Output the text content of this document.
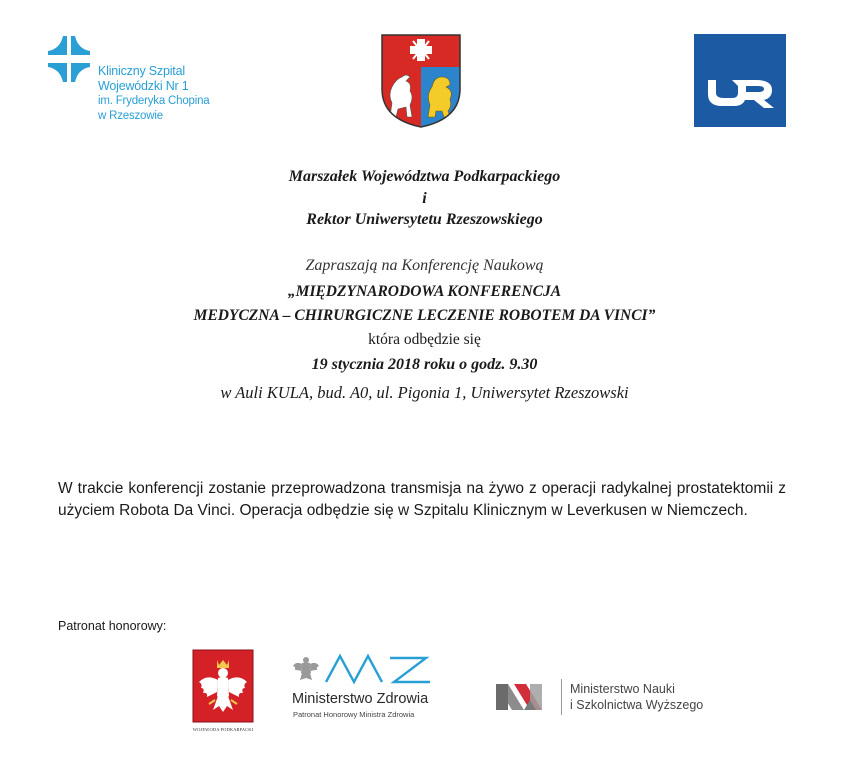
Kliniczny Szpital
Wojewódzki Nr 1
im. Fryderyka Chopina
w Rzeszowie
Marszałek Województwa Podkarpackiego
i
Rektor Uniwersytetu Rzeszowskiego
Zapraszają na Konferencję Naukową
„MIĘDZYNARODOWA KONFERENCJA
MEDYCZNA – CHIRURGICZNE LECZENIE ROBOTEM DA VINCI”
która odbędzie się
19 stycznia 2018 roku o godz. 9.30
w Auli KULA, bud. A0, ul. Pigonia 1, Uniwersytet Rzeszowski
W trakcie konferencji zostanie przeprowadzona transmisja na żywo z operacji radykalnej prostatektomii z użyciem Robota Da Vinci. Operacja odbędzie się w Szpitalu Klinicznym w Leverkusen w Niemczech.
Patronat honorowy:
WOJEWODA PODKARPACKI
Ministerstwo Zdrowia
Patronat Honorowy Ministra Zdrowia
Ministerstwo Nauki
i Szkolnictwa Wyższego
